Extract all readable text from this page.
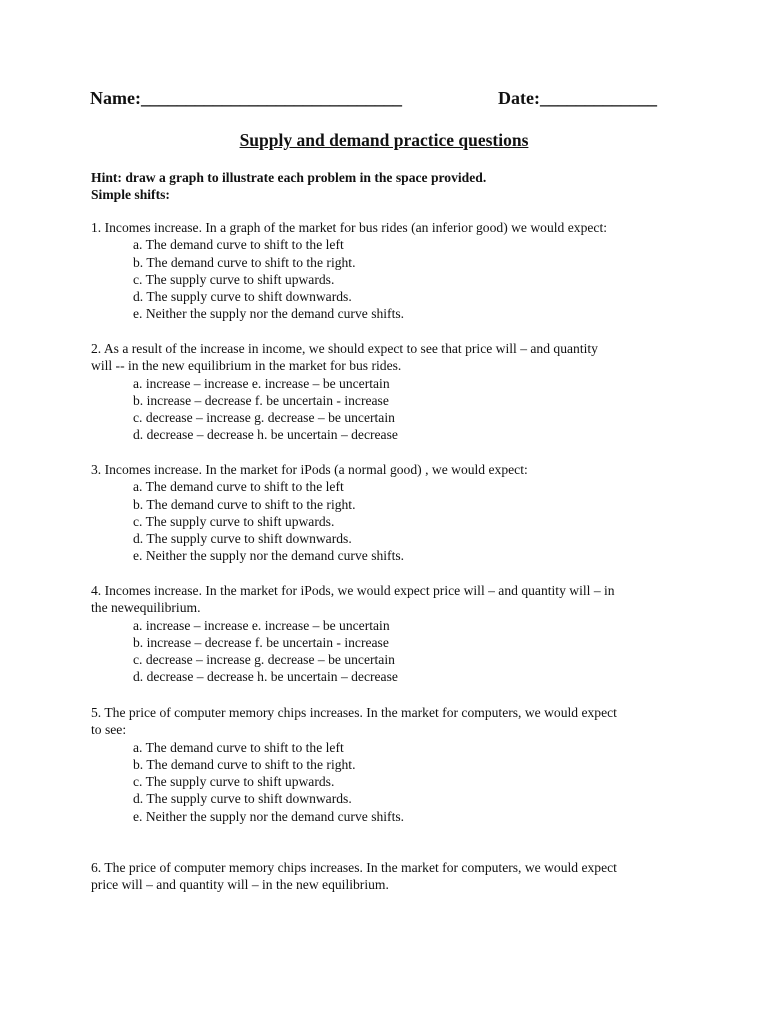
Name:_____________________________	Date:_____________
Supply and demand practice questions
Hint: draw a graph to illustrate each problem in the space provided.
Simple shifts:

1. Incomes increase. In a graph of the market for bus rides (an inferior good) we would expect:

a. The demand curve to shift to the left

b. The demand curve to shift to the right.

c. The supply curve to shift upwards.

d. The supply curve to shift downwards.

e. Neither the supply nor the demand curve shifts.

2. As a result of the increase in income, we should expect to see that price will – and quantity

will -- in the new equilibrium in the market for bus rides.

a. increase – increase e. increase – be uncertain

b. increase – decrease f. be uncertain - increase

c. decrease – increase g. decrease – be uncertain

d. decrease – decrease h. be uncertain – decrease

3. Incomes increase. In the market for iPods (a normal good) , we would expect:

a. The demand curve to shift to the left

b. The demand curve to shift to the right.

c. The supply curve to shift upwards.

d. The supply curve to shift downwards.

e. Neither the supply nor the demand curve shifts.

4. Incomes increase. In the market for iPods, we would expect price will – and quantity will – in

the newequilibrium.

a. increase – increase e. increase – be uncertain

b. increase – decrease f. be uncertain - increase

c. decrease – increase g. decrease – be uncertain

d. decrease – decrease h. be uncertain – decrease

5. The price of computer memory chips increases. In the market for computers, we would expect

to see:

a. The demand curve to shift to the left

b. The demand curve to shift to the right.

c. The supply curve to shift upwards.

d. The supply curve to shift downwards.

e. Neither the supply nor the demand curve shifts.

6. The price of computer memory chips increases. In the market for computers, we would expect

price will – and quantity will – in the new equilibrium.
